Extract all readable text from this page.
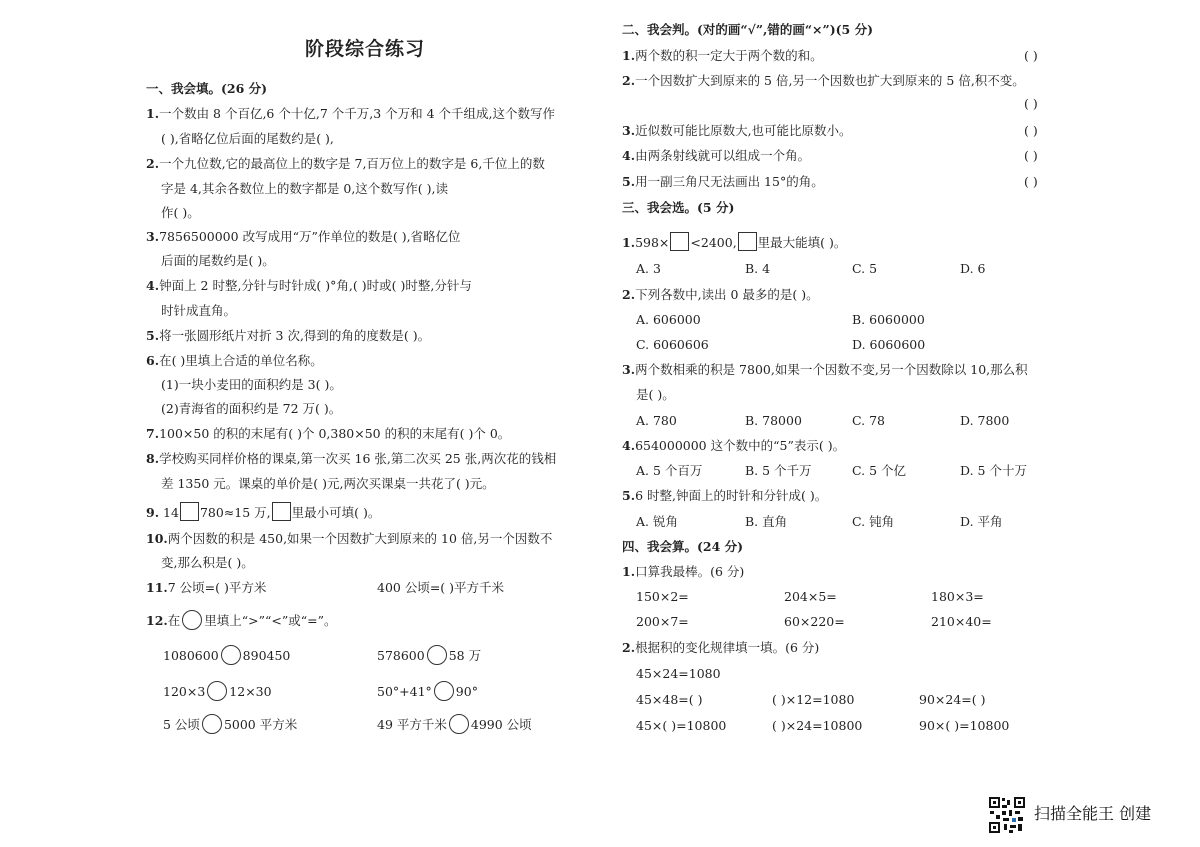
阶段综合练习
一、我会填。(26 分)
1.一个数由 8 个百亿,6 个十亿,7 个千万,3 个万和 4 个千组成,这个数写作
( ),省略亿位后面的尾数约是( ),
2.一个九位数,它的最高位上的数字是 7,百万位上的数字是 6,千位上的数
字是 4,其余各数位上的数字都是 0,这个数写作( ),读
作( )。
3.7856500000 改写成用“万”作单位的数是( ),省略亿位
后面的尾数约是( )。
4.钟面上 2 时整,分针与时针成( )°角,( )时或( )时整,分针与
时针成直角。
5.将一张圆形纸片对折 3 次,得到的角的度数是( )。
6.在( )里填上合适的单位名称。
(1)一块小麦田的面积约是 3( )。
(2)青海省的面积约是 72 万( )。
7.100×50 的积的末尾有( )个 0,380×50 的积的末尾有( )个 0。
8.学校购买同样价格的课桌,第一次买 16 张,第二次买 25 张,两次花的钱相
差 1350 元。课桌的单价是( )元,两次买课桌一共花了( )元。
9. 14 780≈15 万, 里最小可填( )。
10.两个因数的积是 450,如果一个因数扩大到原来的 10 倍,另一个因数不
变,那么积是( )。
11.7 公顷=( )平方米	400 公顷=( )平方千米
12.在 里填上“>”“<”或“=”。
1080600 890450	578600 58 万
120×3 12×30	50°+41° 90°
5 公顷 5000 平方米	49 平方千米 4990 公顷
二、我会判。(对的画“√”,错的画“×”)(5 分)
1.两个数的积一定大于两个数的和。	( )
2.一个因数扩大到原来的 5 倍,另一个因数也扩大到原来的 5 倍,积不变。
( )
3.近似数可能比原数大,也可能比原数小。	( )
4.由两条射线就可以组成一个角。	( )
5.用一副三角尺无法画出 15°的角。	( )
三、我会选。(5 分)
1.598× <2400, 里最大能填( )。
A. 3	B. 4	C. 5	D. 6
2.下列各数中,读出 0 最多的是( )。
A. 606000	B. 6060000
C. 6060606	D. 6060600
3.两个数相乘的积是 7800,如果一个因数不变,另一个因数除以 10,那么积
是( )。
A. 780	B. 78000	C. 78	D. 7800
4.654000000 这个数中的“5”表示( )。
A. 5 个百万	B. 5 个千万	C. 5 个亿	D. 5 个十万
5.6 时整,钟面上的时针和分针成( )。
A. 锐角	B. 直角	C. 钝角	D. 平角
四、我会算。(24 分)
1.口算我最棒。(6 分)
150×2=	204×5=	180×3=
200×7=	60×220=	210×40=
2.根据积的变化规律填一填。(6 分)
45×24=1080
45×48=( )	( )×12=1080	90×24=( )
45×( )=10800	( )×24=10800	90×( )=10800
扫描全能王 创建
